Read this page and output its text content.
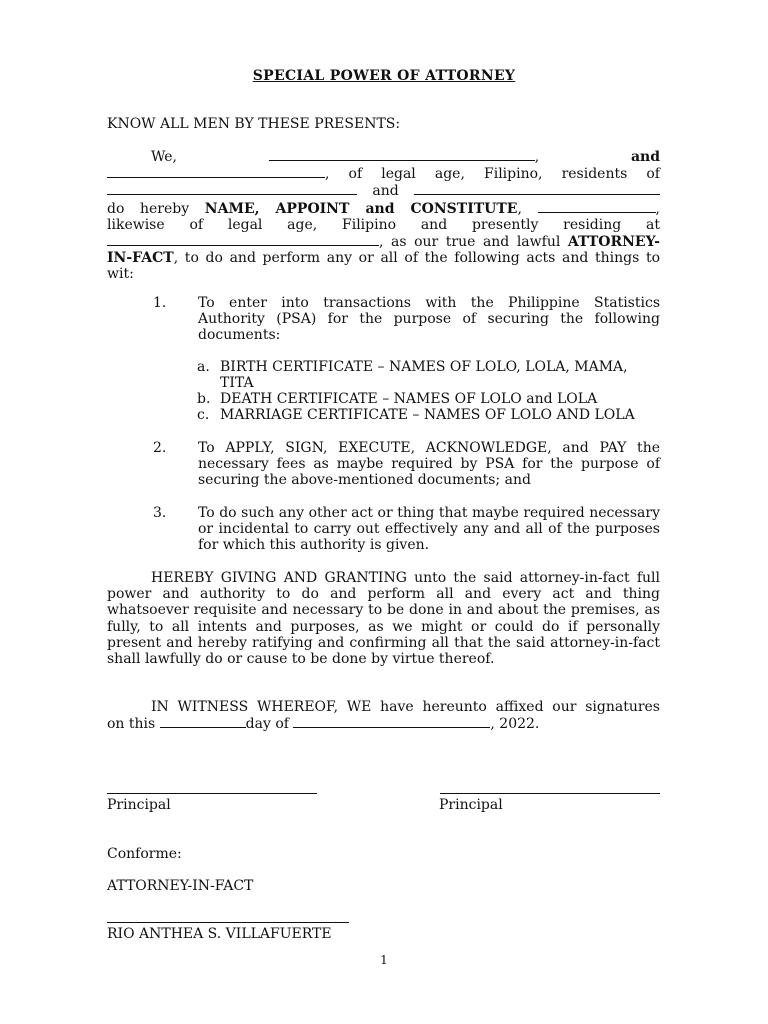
SPECIAL POWER OF ATTORNEY
KNOW ALL MEN BY THESE PRESENTS:
We,	,	and
, of legal age, Filipino, residents of
and
do hereby NAME, APPOINT and CONSTITUTE,	,
likewise of legal age, Filipino and presently residing at
, as our true and lawful ATTORNEY-
IN-FACT, to do and perform any or all of the following acts and things to
wit:
1. To enter into transactions with the Philippine Statistics Authority (PSA) for the purpose of securing the following documents:
a. BIRTH CERTIFICATE – NAMES OF LOLO, LOLA, MAMA, TITA
b. DEATH CERTIFICATE – NAMES OF LOLO and LOLA
c. MARRIAGE CERTIFICATE – NAMES OF LOLO AND LOLA
2. To APPLY, SIGN, EXECUTE, ACKNOWLEDGE, and PAY the necessary fees as maybe required by PSA for the purpose of securing the above-mentioned documents; and
3. To do such any other act or thing that maybe required necessary or incidental to carry out effectively any and all of the purposes for which this authority is given.
HEREBY GIVING AND GRANTING unto the said attorney-in-fact full power and authority to do and perform all and every act and thing whatsoever requisite and necessary to be done in and about the premises, as fully, to all intents and purposes, as we might or could do if personally present and hereby ratifying and confirming all that the said attorney-in-fact shall lawfully do or cause to be done by virtue thereof.
IN WITNESS WHEREOF, WE have hereunto affixed our signatures
on this	day of	, 2022.
Principal	Principal
Conforme:
ATTORNEY-IN-FACT
RIO ANTHEA S. VILLAFUERTE
1
